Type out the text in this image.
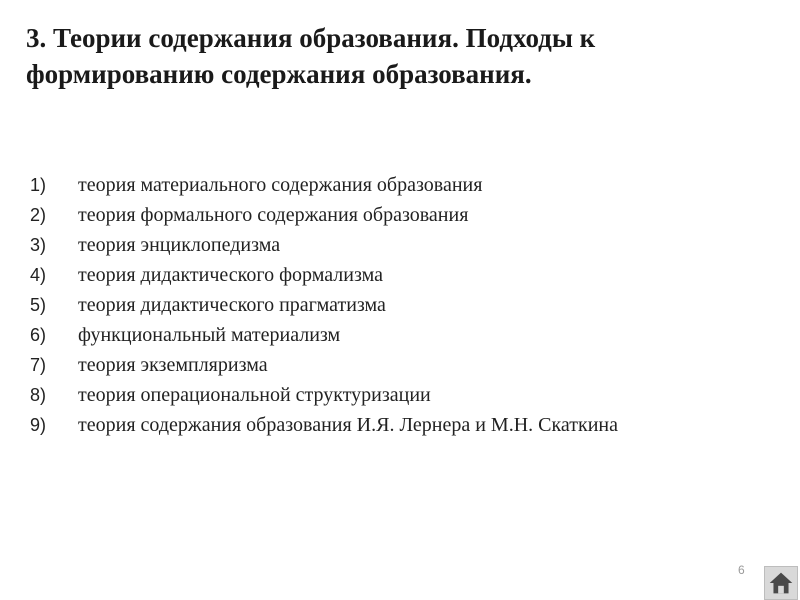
3. Теории содержания образования. Подходы к формированию содержания образования.
1)	теория материального содержания образования
2)	теория формального содержания образования
3)	теория энциклопедизма
4)	теория дидактического формализма
5)	теория дидактического прагматизма
6)	функциональный материализм
7)	теория экземпляризма
8)	теория операциональной структуризации
9)	теория содержания образования И.Я. Лернера и М.Н. Скаткина
6
